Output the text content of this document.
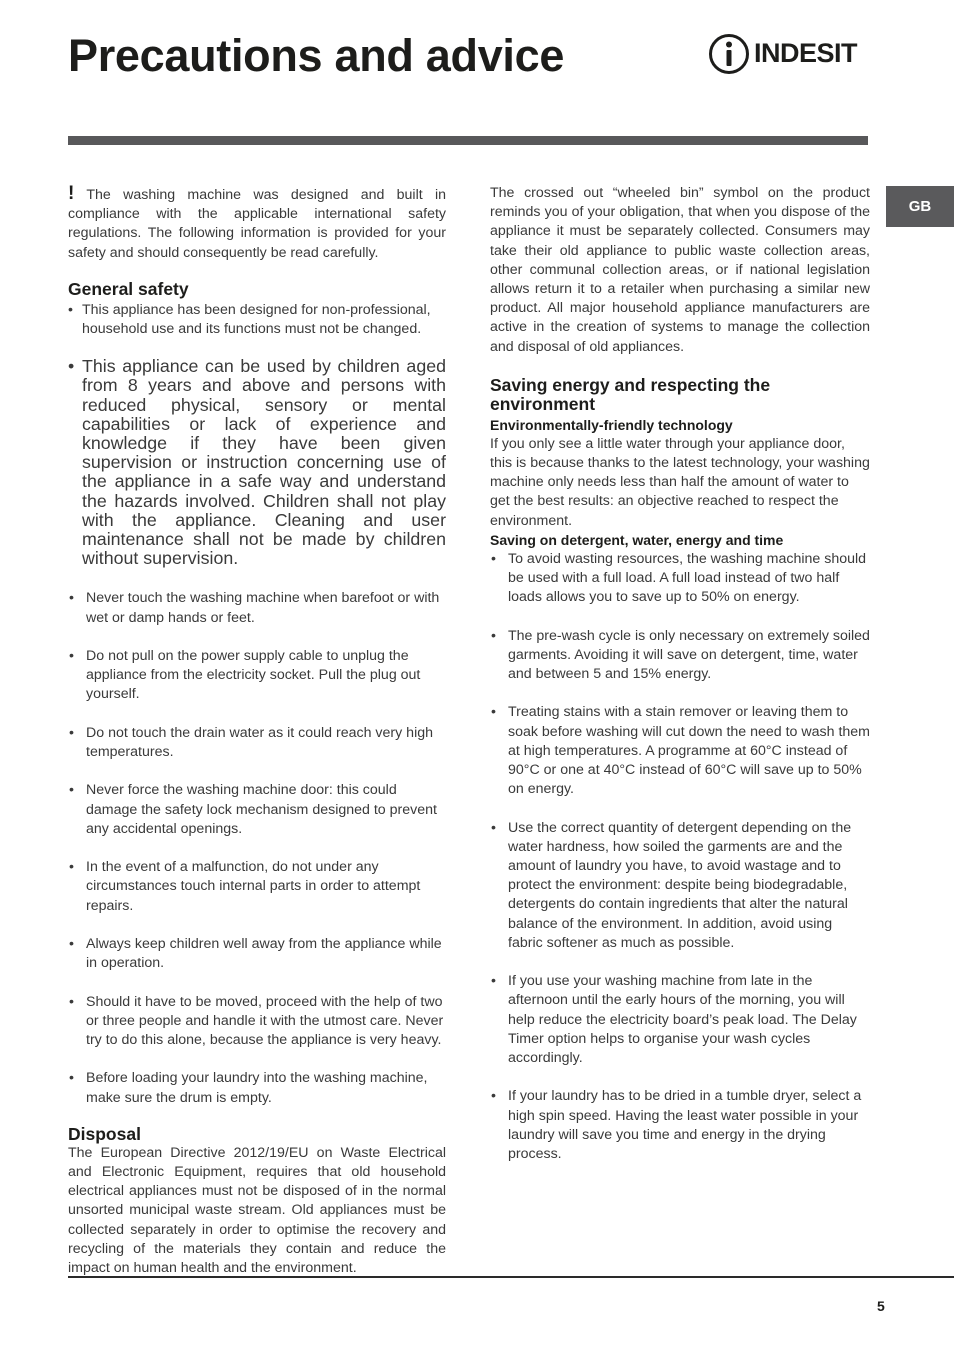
Precautions and advice	INDESIT
GB

! The washing machine was designed and built in compliance with the applicable international safety regulations. The following information is provided for your safety and should consequently be read carefully.

General safety
• This appliance has been designed for non-professional, household use and its functions must not be changed.
• This appliance can be used by children aged from 8 years and above and persons with reduced physical, sensory or mental capabilities or lack of experience and knowledge if they have been given supervision or instruction concerning use of the appliance in a safe way and understand the hazards involved. Children shall not play with the appliance. Cleaning and user maintenance shall not be made by children without supervision.
• Never touch the washing machine when barefoot or with wet or damp hands or feet.
• Do not pull on the power supply cable to unplug the appliance from the electricity socket. Pull the plug out yourself.
• Do not touch the drain water as it could reach very high temperatures.
• Never force the washing machine door: this could damage the safety lock mechanism designed to prevent any accidental openings.
• In the event of a malfunction, do not under any circumstances touch internal parts in order to attempt repairs.
• Always keep children well away from the appliance while in operation.
• Should it have to be moved, proceed with the help of two or three people and handle it with the utmost care. Never try to do this alone, because the appliance is very heavy.
• Before loading your laundry into the washing machine, make sure the drum is empty.
Disposal

The European Directive 2012/19/EU on Waste Electrical and Electronic Equipment, requires that old household electrical appliances must not be disposed of in the normal unsorted municipal waste stream. Old appliances must be collected separately in order to optimise the recovery and recycling of the materials they contain and reduce the impact on human health and the environment.

The crossed out “wheeled bin” symbol on the product reminds you of your obligation, that when you dispose of the appliance it must be separately collected. Consumers may take their old appliance to public waste collection areas, other communal collection areas, or if national legislation allows return it to a retailer when purchasing a similar new product. All major household appliance manufacturers are active in the creation of systems to manage the collection and disposal of old appliances.

Saving energy and respecting the environment
Environmentally-friendly technology

If you only see a little water through your appliance door, this is because thanks to the latest technology, your washing machine only needs less than half the amount of water to get the best results: an objective reached to respect the environment.

Saving on detergent, water, energy and time
• To avoid wasting resources, the washing machine should be used with a full load. A full load instead of two half loads allows you to save up to 50% on energy.
• The pre-wash cycle is only necessary on extremely soiled garments. Avoiding it will save on detergent, time, water and between 5 and 15% energy.
• Treating stains with a stain remover or leaving them to soak before washing will cut down the need to wash them at high temperatures. A programme at 60°C instead of 90°C or one at 40°C instead of 60°C will save up to 50% on energy.
• Use the correct quantity of detergent depending on the water hardness, how soiled the garments are and the amount of laundry you have, to avoid wastage and to protect the environment: despite being biodegradable, detergents do contain ingredients that alter the natural balance of the environment. In addition, avoid using fabric softener as much as possible.
• If you use your washing machine from late in the afternoon until the early hours of the morning, you will help reduce the electricity board’s peak load. The Delay Timer option helps to organise your wash cycles accordingly.
• If your laundry has to be dried in a tumble dryer, select a high spin speed. Having the least water possible in your laundry will save you time and energy in the drying process.
5
